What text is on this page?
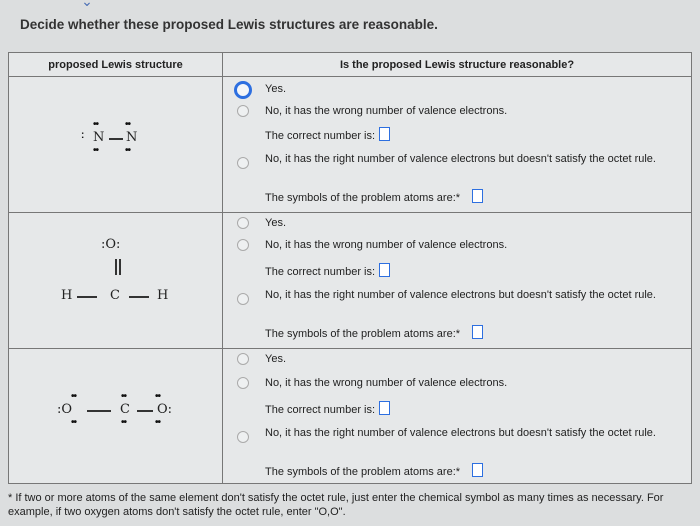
⌄
Decide whether these proposed Lewis structures are reasonable.
proposed Lewis structure	Is the proposed Lewis structure reasonable?
••	••
: N N
••	••
Yes.
No, it has the wrong number of valence electrons.
The correct number is:
No, it has the right number of valence electrons but doesn't satisfy the octet rule.
The symbols of the problem atoms are:*
:O:
H	C	H
Yes.
No, it has the wrong number of valence electrons.
The correct number is:
No, it has the right number of valence electrons but doesn't satisfy the octet rule.
The symbols of the problem atoms are:*
••	••	••
:O	C O:
••	••	••
Yes.
No, it has the wrong number of valence electrons.
The correct number is:
No, it has the right number of valence electrons but doesn't satisfy the octet rule.
The symbols of the problem atoms are:*
* If two or more atoms of the same element don't satisfy the octet rule, just enter the chemical symbol as many times as necessary. For example, if two oxygen atoms don't satisfy the octet rule, enter "O,O".
